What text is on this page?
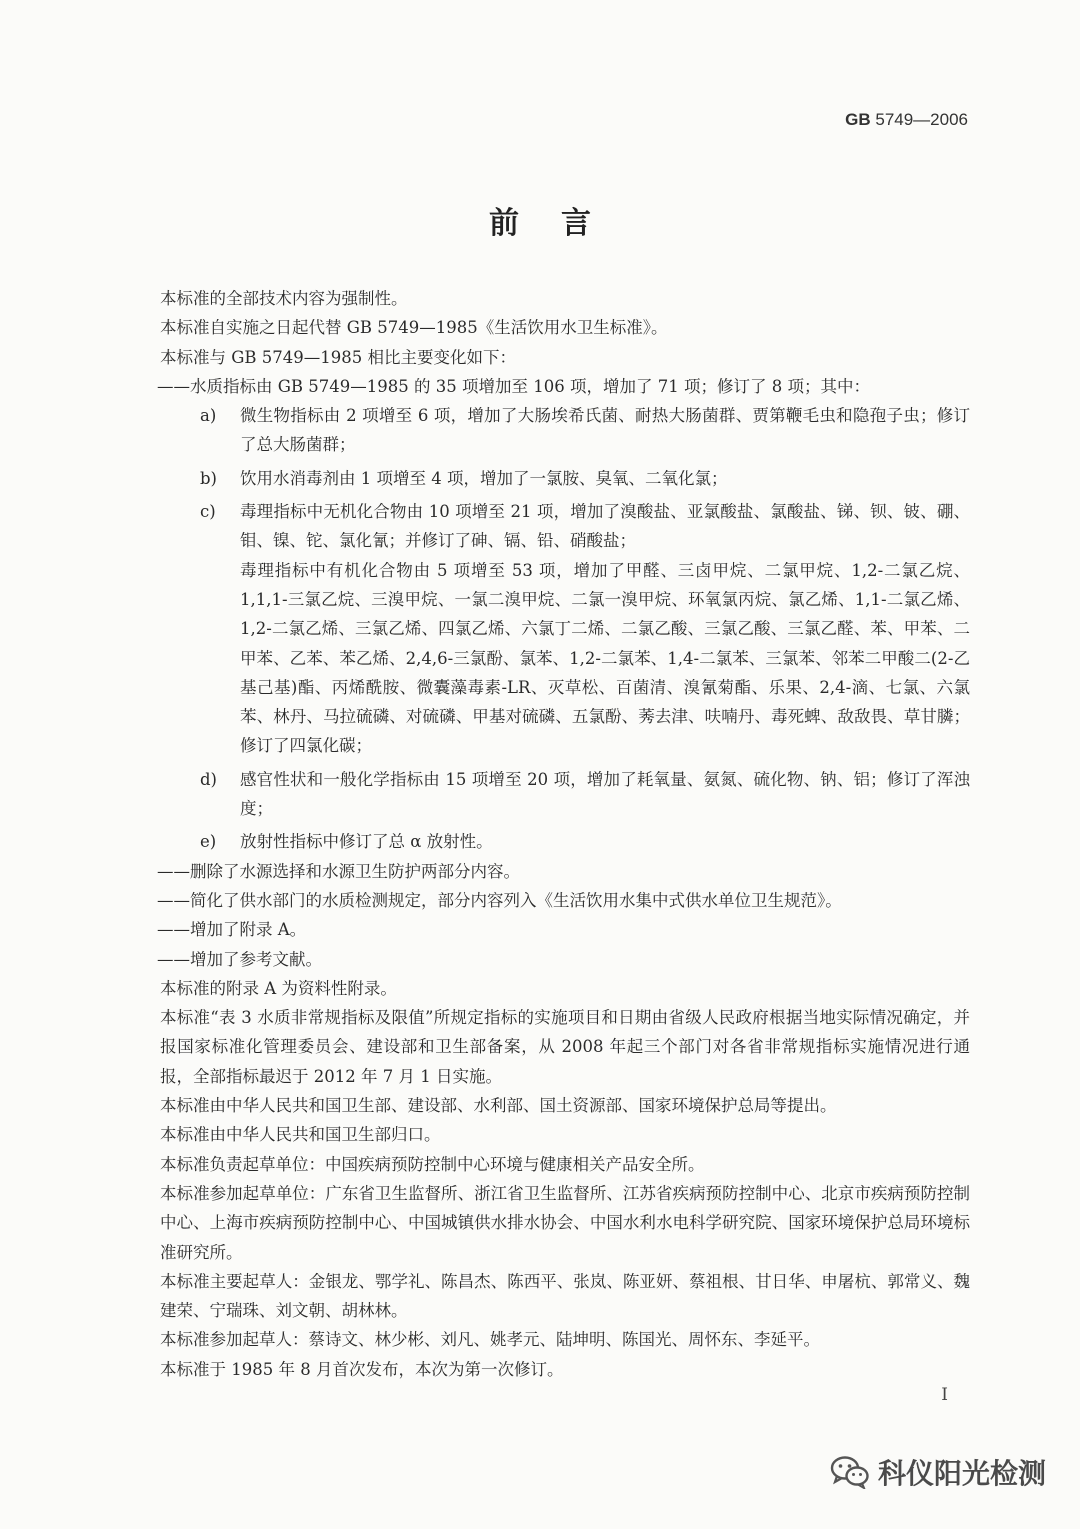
GB 5749—2006
前言

本标准的全部技术内容为强制性。

本标准自实施之日起代替 GB 5749—1985《生活饮用水卫生标准》。

本标准与 GB 5749—1985 相比主要变化如下：

——水质指标由 GB 5749—1985 的 35 项增加至 106 项，增加了 71 项；修订了 8 项；其中：

a)	微生物指标由 2 项增至 6 项，增加了大肠埃希氏菌、耐热大肠菌群、贾第鞭毛虫和隐孢子虫；修订了总大肠菌群；
b)	饮用水消毒剂由 1 项增至 4 项，增加了一氯胺、臭氧、二氧化氯；
c)	毒理指标中无机化合物由 10 项增至 21 项，增加了溴酸盐、亚氯酸盐、氯酸盐、锑、钡、铍、硼、钼、镍、铊、氯化氰；并修订了砷、镉、铅、硝酸盐；
毒理指标中有机化合物由 5 项增至 53 项，增加了甲醛、三卤甲烷、二氯甲烷、1,2-二氯乙烷、1,1,1-三氯乙烷、三溴甲烷、一氯二溴甲烷、二氯一溴甲烷、环氧氯丙烷、氯乙烯、1,1-二氯乙烯、1,2-二氯乙烯、三氯乙烯、四氯乙烯、六氯丁二烯、二氯乙酸、三氯乙酸、三氯乙醛、苯、甲苯、二甲苯、乙苯、苯乙烯、2,4,6-三氯酚、氯苯、1,2-二氯苯、1,4-二氯苯、三氯苯、邻苯二甲酸二(2-乙基己基)酯、丙烯酰胺、微囊藻毒素-LR、灭草松、百菌清、溴氰菊酯、乐果、2,4-滴、七氯、六氯苯、林丹、马拉硫磷、对硫磷、甲基对硫磷、五氯酚、莠去津、呋喃丹、毒死蜱、敌敌畏、草甘膦；修订了四氯化碳；
d)	感官性状和一般化学指标由 15 项增至 20 项，增加了耗氧量、氨氮、硫化物、钠、铝；修订了浑浊度；
e)	放射性指标中修订了总 α 放射性。

——删除了水源选择和水源卫生防护两部分内容。

——简化了供水部门的水质检测规定，部分内容列入《生活饮用水集中式供水单位卫生规范》。

——增加了附录 A。

——增加了参考文献。

本标准的附录 A 为资料性附录。

本标准“表 3 水质非常规指标及限值”所规定指标的实施项目和日期由省级人民政府根据当地实际情况确定，并报国家标准化管理委员会、建设部和卫生部备案，从 2008 年起三个部门对各省非常规指标实施情况进行通报，全部指标最迟于 2012 年 7 月 1 日实施。

本标准由中华人民共和国卫生部、建设部、水利部、国土资源部、国家环境保护总局等提出。

本标准由中华人民共和国卫生部归口。

本标准负责起草单位：中国疾病预防控制中心环境与健康相关产品安全所。

本标准参加起草单位：广东省卫生监督所、浙江省卫生监督所、江苏省疾病预防控制中心、北京市疾病预防控制中心、上海市疾病预防控制中心、中国城镇供水排水协会、中国水利水电科学研究院、国家环境保护总局环境标准研究所。

本标准主要起草人：金银龙、鄂学礼、陈昌杰、陈西平、张岚、陈亚妍、蔡祖根、甘日华、申屠杭、郭常义、魏建荣、宁瑞珠、刘文朝、胡林林。

本标准参加起草人：蔡诗文、林少彬、刘凡、姚孝元、陆坤明、陈国光、周怀东、李延平。

本标准于 1985 年 8 月首次发布，本次为第一次修订。

I
科仪阳光检测
